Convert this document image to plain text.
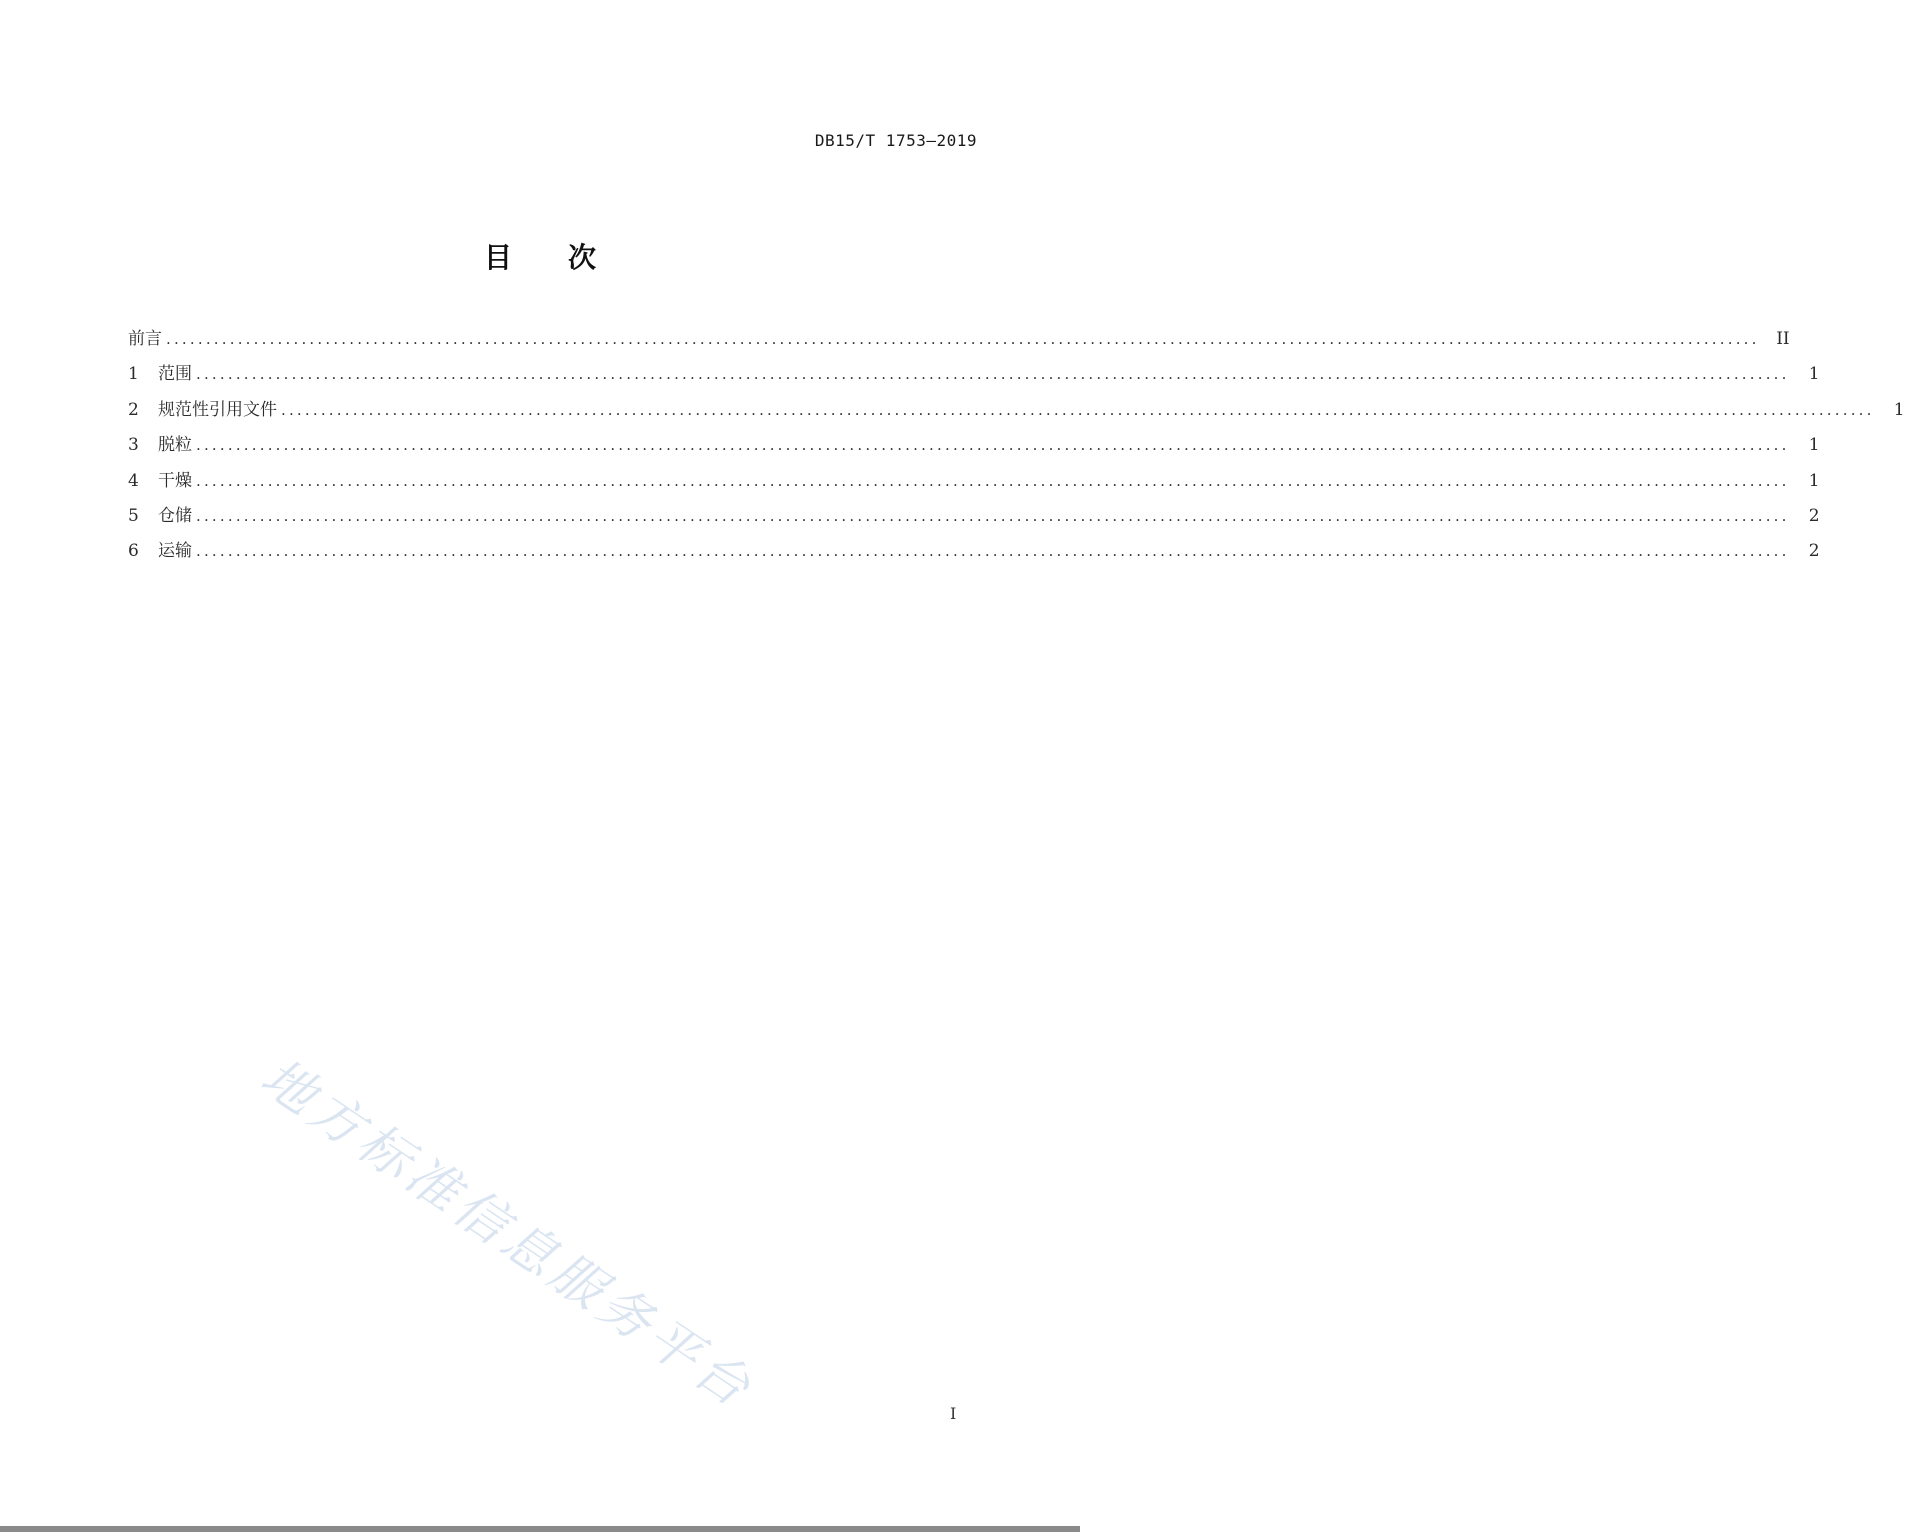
DB15/T 1753—2019
目次
前言 ........................................................................................................................................................................................................ II
1	范围 ........................................................................................................................................................................................................	1
2	规范性引用文件 ........................................................................................................................................................................................................	1
3	脱粒 ........................................................................................................................................................................................................	1
4	干燥 ........................................................................................................................................................................................................	1
5	仓储 ........................................................................................................................................................................................................	2
6	运输 ........................................................................................................................................................................................................	2
地方标准信息服务平台	I
